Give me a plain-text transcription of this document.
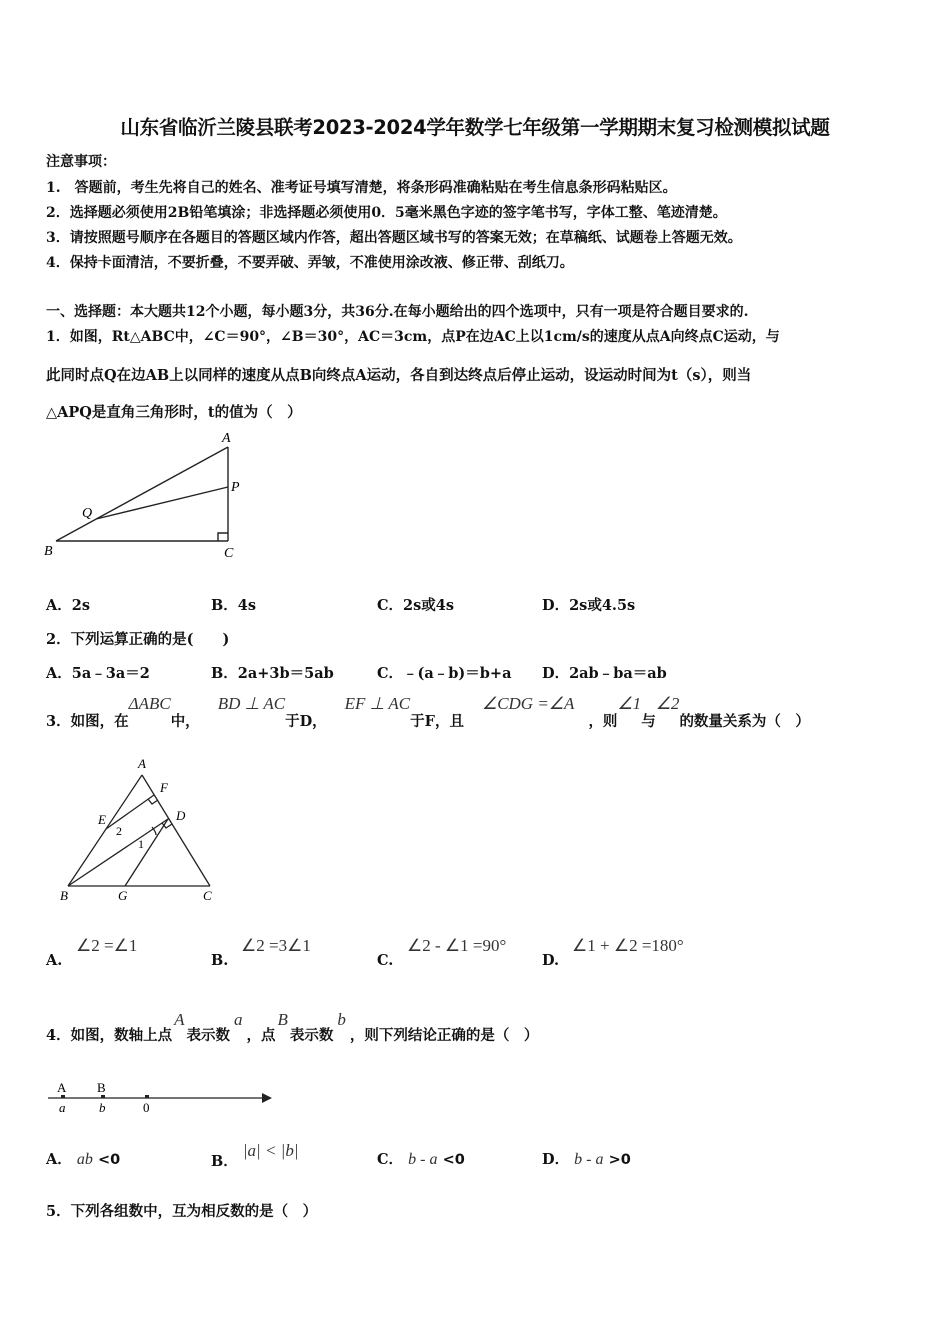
山东省临沂兰陵县联考2023-2024学年数学七年级第一学期期末复习检测模拟试题
注意事项：
1.　答题前，考生先将自己的姓名、准考证号填写清楚，将条形码准确粘贴在考生信息条形码粘贴区。
2．选择题必须使用2B铅笔填涂；非选择题必须使用0．5毫米黑色字迹的签字笔书写，字体工整、笔迹清楚。
3．请按照题号顺序在各题目的答题区域内作答，超出答题区域书写的答案无效；在草稿纸、试题卷上答题无效。
4．保持卡面清洁，不要折叠，不要弄破、弄皱，不准使用涂改液、修正带、刮纸刀。
一、选择题：本大题共12个小题，每小题3分，共36分.在每小题给出的四个选项中，只有一项是符合题目要求的.
1．如图，Rt△ABC中，∠C＝90°，∠B＝30°，AC＝3cm，点P在边AC上以1cm/s的速度从点A向终点C运动，与
此同时点Q在边AB上以同样的速度从点B向终点A运动，各自到达终点后停止运动，设运动时间为t（s），则当
△APQ是直角三角形时，t的值为（　）
A
P
Q
B	C
A．2s	B．4s	C．2s或4s	D．2s或4.5s
2．下列运算正确的是(　　)
A．5a﹣3a＝2	B．2a+3b＝5ab	C．﹣(a﹣b)＝b+a D．2ab﹣ba＝ab
3．如图，在
ΔABC
中，
BD ⊥ AC
于D，
EF ⊥ AC
于F，且
∠CDG =∠A
，则
∠1
与
∠2
的数量关系为（　）
A
F
D
E
2
1
B	G	C
A.
∠2 =∠1
B.
∠2 =3∠1
C.
∠2 - ∠1 =90°
D.
∠1 + ∠2 =180°
4．如图，数轴上点
A
表示数
a
，点
B
表示数
b
，则下列结论正确的是（　）
A B
a	b	0
A． ab <0	B． |a| < |b|	C． b - a <0	D． b - a >0
5．下列各组数中，互为相反数的是（　）
